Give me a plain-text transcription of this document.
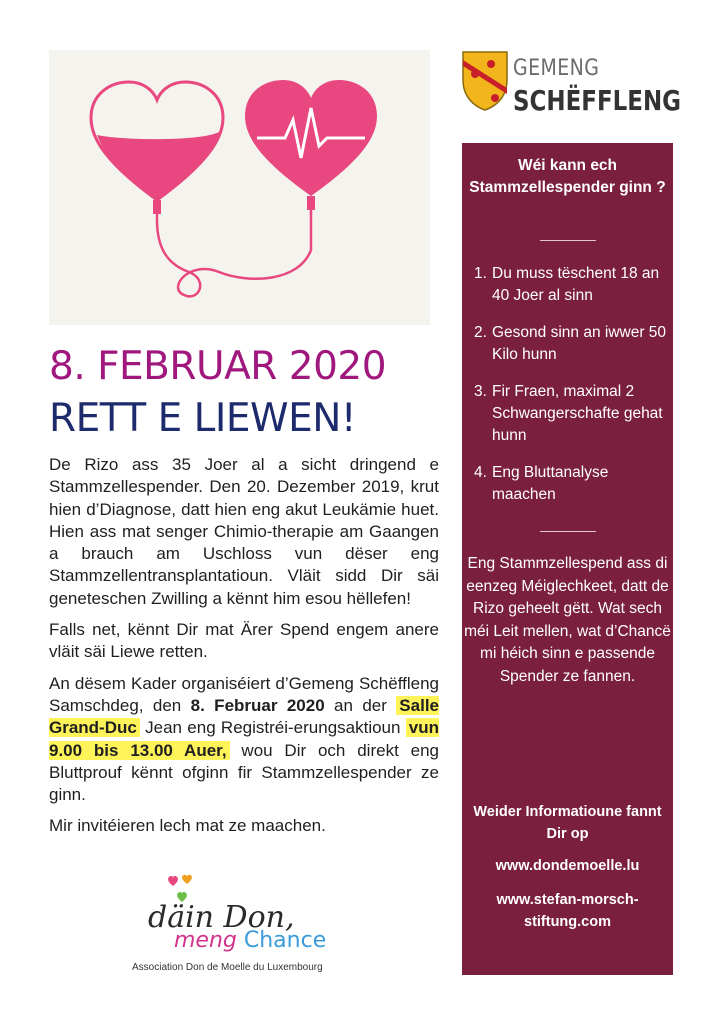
8. FEBRUAR 2020
RETT E LIEWEN!

De Rizo ass 35 Joer al a sicht dringend e Stammzellespender. Den 20. Dezember 2019, krut hien d’Diagnose, datt hien eng akut Leukämie huet. Hien ass mat senger Chimio-therapie am Gaangen a brauch am Uschloss vun dëser eng Stammzellentransplantatioun. Vläit sidd Dir säi geneteschen Zwilling a kënnt him esou hëllefen!

Falls net, kënnt Dir mat Ärer Spend engem anere vläit säi Liewe retten.

An dësem Kader organiséiert d’Gemeng Schëffleng Samschdeg, den 8. Februar 2020 an der Salle Grand-Duc Jean eng Registréi-erungsaktioun vun 9.00 bis 13.00 Auer, wou Dir och direkt eng Bluttprouf kënnt ofginn fir Stammzellespender ze ginn.

Mir invitéieren lech mat ze maachen.

däin Don,
meng Chance
Association Don de Moelle du Luxembourg
GEMENG
SCHËFFLENG
Wéi kann ech Stammzellespender ginn ?
1. Du muss tëschent 18 an 40 Joer al sinn
2. Gesond sinn an iwwer 50 Kilo hunn
3. Fir Fraen, maximal 2 Schwangerschafte gehat hunn
4. Eng Bluttanalyse maachen
Eng Stammzellespend ass di eenzeg Méiglechkeet, datt de Rizo geheelt gëtt. Wat sech méi Leit mellen, wat d’Chancë mi héich sinn e passende Spender ze fannen.
Weider Informatioune fannt Dir op
www.dondemoelle.lu
www.stefan-morsch-stiftung.com
